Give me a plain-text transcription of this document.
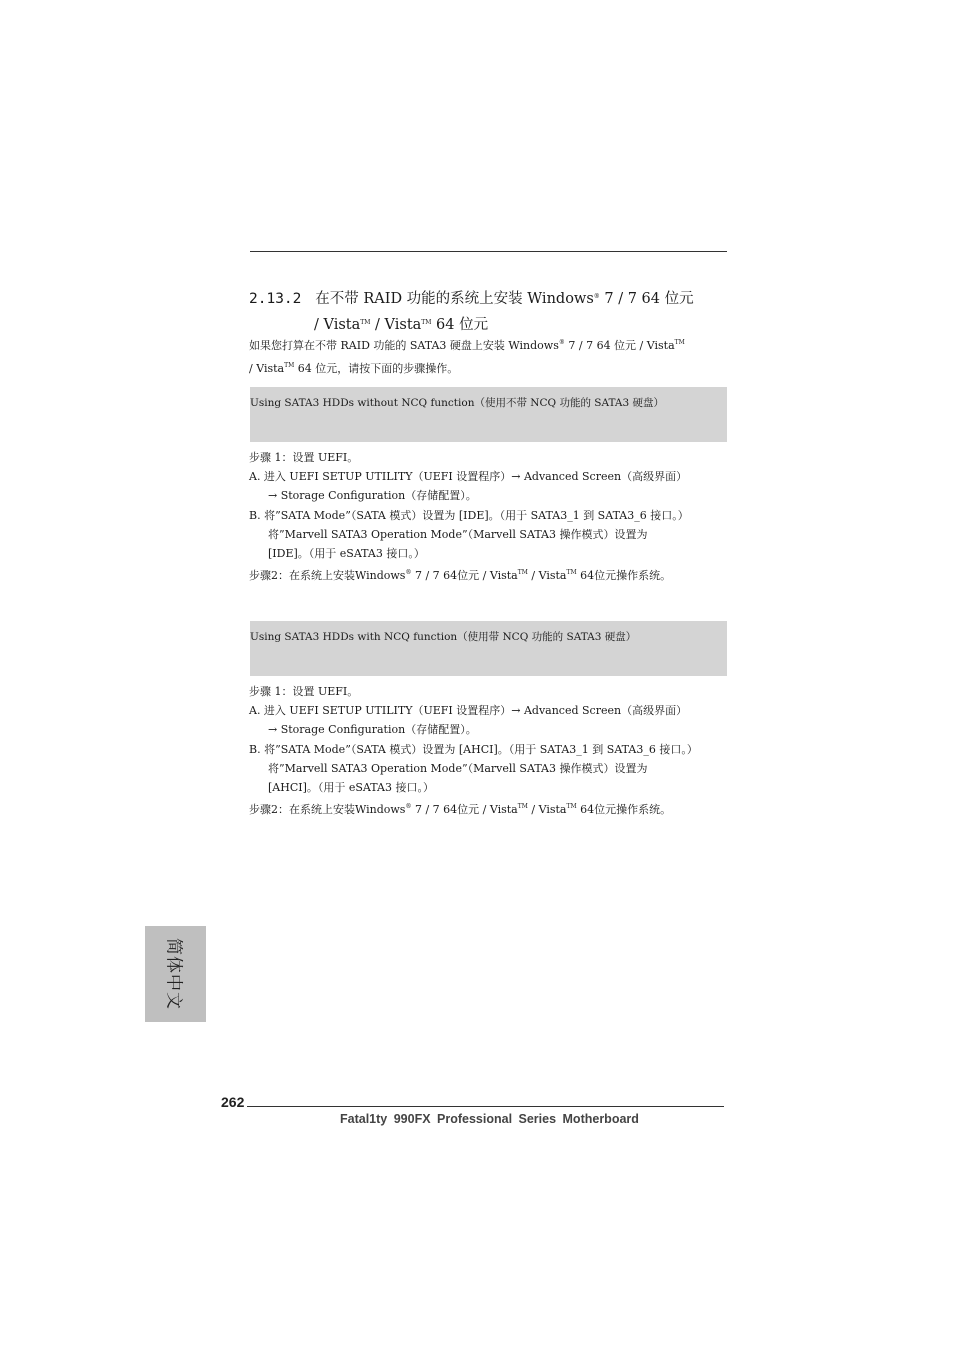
2.13.2 在不带 RAID 功能的系统上安装 Windows® 7 / 7 64 位元
/ Vista™ / Vista™ 64 位元
如果您打算在不带 RAID 功能的 SATA3 硬盘上安装 Windows® 7 / 7 64 位元 / Vista™
/ Vista™ 64 位元，请按下面的步骤操作。
Using SATA3 HDDs without NCQ function（使用不带 NCQ 功能的 SATA3 硬盘）
步骤 1：设置 UEFI。
A. 进入 UEFI SETUP UTILITY（UEFI 设置程序）→ Advanced Screen（高级界面）
→ Storage Configuration（存储配置）。
B. 将”SATA Mode”（SATA 模式）设置为 [IDE]。（用于 SATA3_1 到 SATA3_6 接口。）
将”Marvell SATA3 Operation Mode”（Marvell SATA3 操作模式）设置为
[IDE]。（用于 eSATA3 接口。）
步骤2：在系统上安装Windows® 7 / 7 64位元 / Vista™ / Vista™ 64位元操作系统。
Using SATA3 HDDs with NCQ function（使用带 NCQ 功能的 SATA3 硬盘）
步骤 1：设置 UEFI。
A. 进入 UEFI SETUP UTILITY（UEFI 设置程序）→ Advanced Screen（高级界面）
→ Storage Configuration（存储配置）。
B. 将”SATA Mode”（SATA 模式）设置为 [AHCI]。（用于 SATA3_1 到 SATA3_6 接口。）
将”Marvell SATA3 Operation Mode”（Marvell SATA3 操作模式）设置为
[AHCI]。（用于 eSATA3 接口。）
步骤2：在系统上安装Windows® 7 / 7 64位元 / Vista™ / Vista™ 64位元操作系统。
简体中文
262
Fatal1ty 990FX Professional Series Motherboard
